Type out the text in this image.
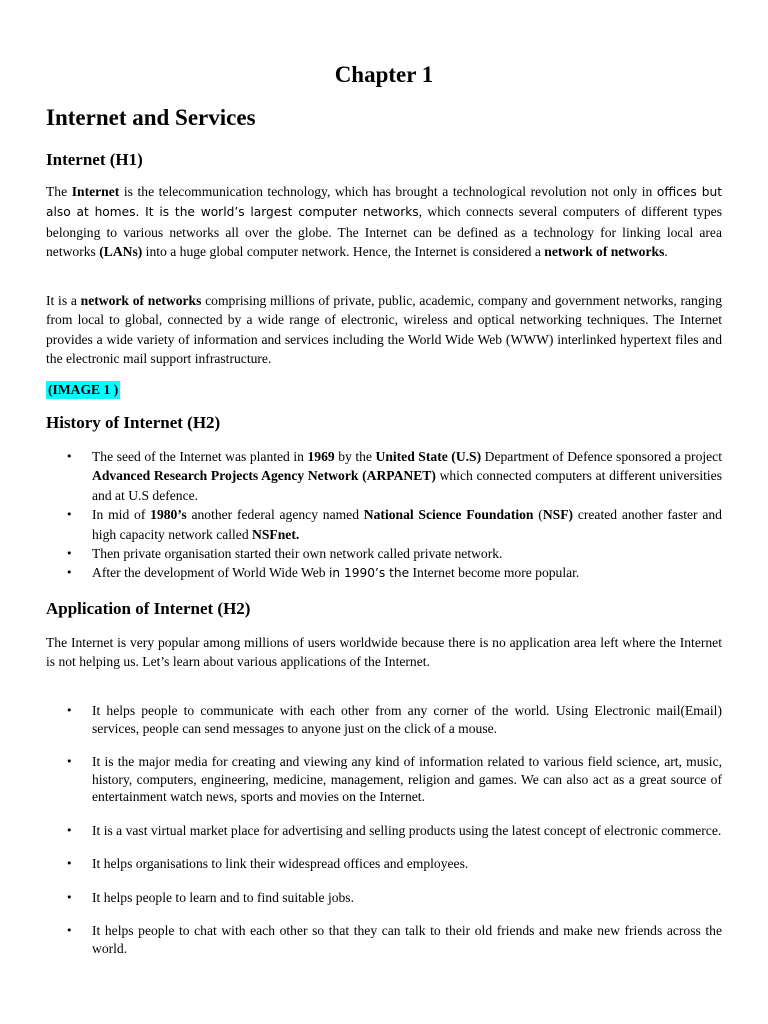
Chapter 1
Internet and Services
Internet (H1)

The Internet is the telecommunication technology, which has brought a technological revolution not only in offices but also at homes. It is the world’s largest computer networks, which connects several computers of different types belonging to various networks all over the globe. The Internet can be defined as a technology for linking local area networks (LANs) into a huge global computer network. Hence, the Internet is considered a network of networks.

It is a network of networks comprising millions of private, public, academic, company and government networks, ranging from local to global, connected by a wide range of electronic, wireless and optical networking techniques. The Internet provides a wide variety of information and services including the World Wide Web (WWW) interlinked hypertext files and the electronic mail support infrastructure.

(IMAGE 1 )
History of Internet (H2)
• The seed of the Internet was planted in 1969 by the United State (U.S) Department of Defence sponsored a project Advanced Research Projects Agency Network (ARPANET) which connected computers at different universities and at U.S defence.
• In mid of 1980’s another federal agency named National Science Foundation (NSF) created another faster and high capacity network called NSFnet.
• Then private organisation started their own network called private network.
• After the development of World Wide Web in 1990’s the Internet become more popular.
Application of Internet (H2)
The Internet is very popular among millions of users worldwide because there is no application area left where the Internet is not helping us. Let’s learn about various applications of the Internet.
• It helps people to communicate with each other from any corner of the world. Using Electronic mail(Email) services, people can send messages to anyone just on the click of a mouse.
• It is the major media for creating and viewing any kind of information related to various field science, art, music, history, computers, engineering, medicine, management, religion and games. We can also act as a great source of entertainment watch news, sports and movies on the Internet.
• It is a vast virtual market place for advertising and selling products using the latest concept of electronic commerce.
• It helps organisations to link their widespread offices and employees.
• It helps people to learn and to find suitable jobs.
• It helps people to chat with each other so that they can talk to their old friends and make new friends across the world.
